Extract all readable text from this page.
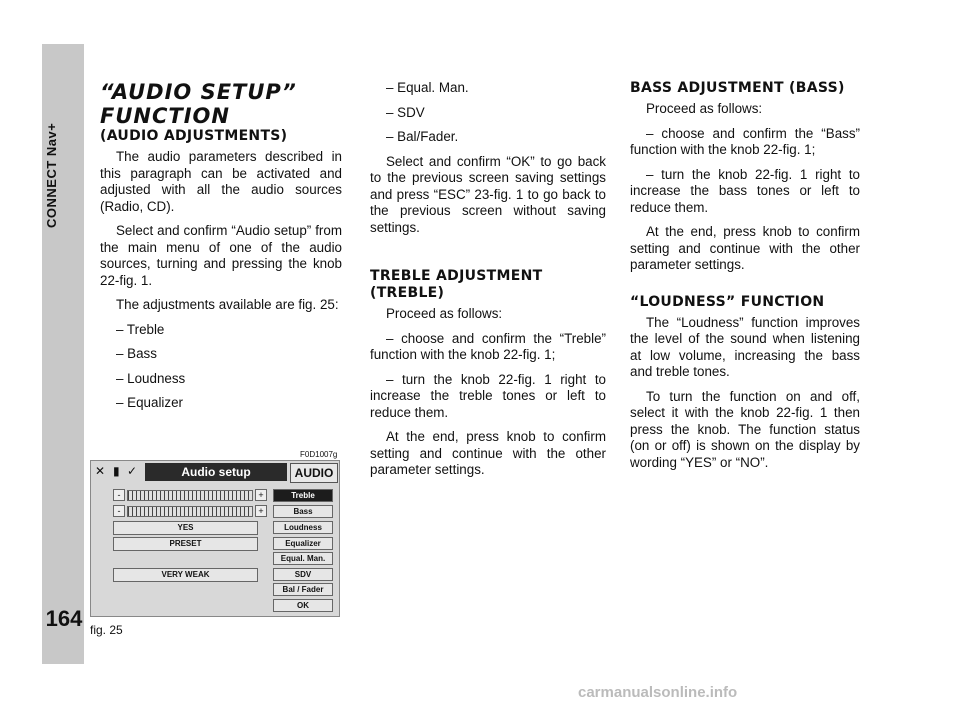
CONNECT Nav+
164
“AUDIO SETUP” FUNCTION
(AUDIO ADJUSTMENTS)

The audio parameters described in this paragraph can be activated and adjusted with all the audio sources (Radio, CD).

Select and confirm “Audio setup” from the main menu of one of the audio sources, turning and pressing the knob 22-fig. 1.

The adjustments available are fig. 25:

– Treble

– Bass

– Loudness

– Equalizer

– Equal. Man.

– SDV

– Bal/Fader.

Select and confirm “OK” to go back to the previous screen saving settings and press “ESC” 23-fig. 1 to go back to the previous screen without saving settings.

TREBLE ADJUSTMENT (TREBLE)

Proceed as follows:

– choose and confirm the “Treble” function with the knob 22-fig. 1;

– turn the knob 22-fig. 1 right to increase the treble tones or left to reduce them.

At the end, press knob to confirm setting and continue with the other parameter settings.

BASS ADJUSTMENT (BASS)

Proceed as follows:

– choose and confirm the “Bass” function with the knob 22-fig. 1;

– turn the knob 22-fig. 1 right to increase the bass tones or left to reduce them.

At the end, press knob to confirm setting and continue with the other parameter settings.

“LOUDNESS” FUNCTION

The “Loudness” function improves the level of the sound when listening at low volume, increasing the bass and treble tones.

To turn the function on and off, select it with the knob 22-fig. 1 then press the knob. The function status (on or off) is shown on the display by wording “YES” or “NO”.

F0D1007g
✕ ▮ ✓	Audio setup	AUDIO
-	+
-	+
YES
PRESET
VERY WEAK
Treble
Bass
Loudness
Equalizer
Equal. Man.
SDV
Bal / Fader
OK
fig. 25
carmanualsonline.info
